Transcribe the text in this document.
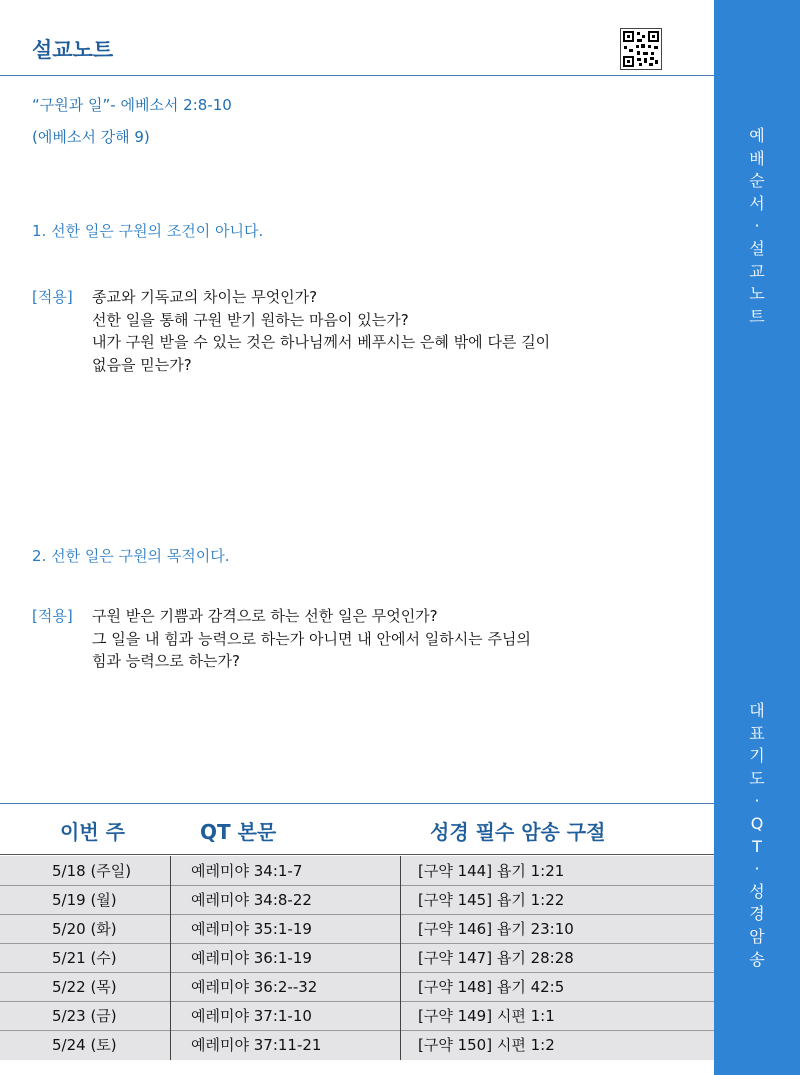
예
배
순
서
·
설
교
노
트
대
표
기
도
·
Q
T
·
성
경
암
송
설교노트
“구원과 일”- 에베소서 2:8-10
(에베소서 강해 9)
1. 선한 일은 구원의 조건이 아니다.
[적용] 종교와 기독교의 차이는 무엇인가?
선한 일을 통해 구원 받기 원하는 마음이 있는가?
내가 구원 받을 수 있는 것은 하나님께서 베푸시는 은혜 밖에 다른 길이
없음을 믿는가?
2. 선한 일은 구원의 목적이다.
[적용] 구원 받은 기쁨과 감격으로 하는 선한 일은 무엇인가?
그 일을 내 힘과 능력으로 하는가 아니면 내 안에서 일하시는 주님의
힘과 능력으로 하는가?
이번 주	QT 본문	성경 필수 암송 구절
5/18 (주일)	예레미야 34:1-7	[구약 144] 욥기 1:21
5/19 (월)	예레미야 34:8-22	[구약 145] 욥기 1:22
5/20 (화)	예레미야 35:1-19	[구약 146] 욥기 23:10
5/21 (수)	예레미야 36:1-19	[구약 147] 욥기 28:28
5/22 (목)	예레미야 36:2--32	[구약 148] 욥기 42:5
5/23 (금)	예레미야 37:1-10	[구약 149] 시편 1:1
5/24 (토)	예레미야 37:11-21	[구약 150] 시편 1:2
